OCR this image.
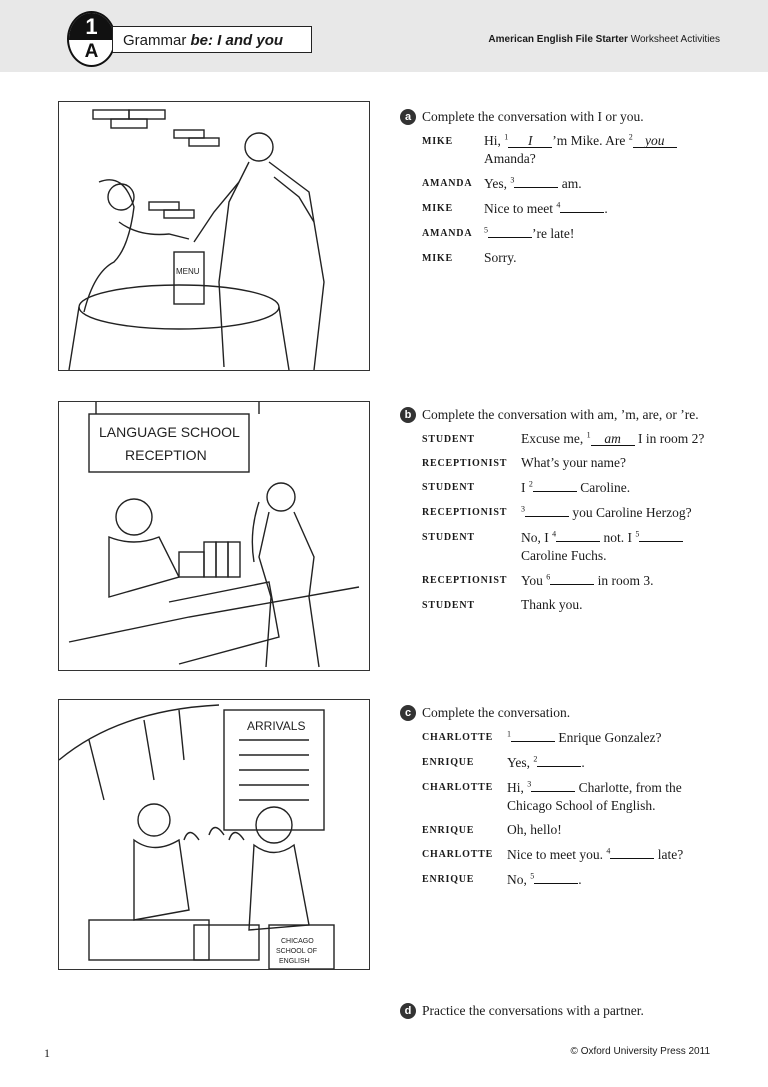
1
A
Grammar be: I and you	American English File Starter Worksheet Activities
MENU
LANGUAGE SCHOOL
RECEPTION
ARRIVALS
CHICAGO
SCHOOL OF
ENGLISH
a Complete the conversation with I or you.
MIKE Hi, $^1$ I ’m Mike. Are $^2$ you Amanda?
AMANDA Yes, $^3$	am.
MIKE Nice to meet $^4$	.
AMANDA $^5$	’re late!
MIKE Sorry.
b Complete the conversation with am, ’m, are, or ’re.
STUDENT	Excuse me, $^1$ am I in room 2?
RECEPTIONIST What’s your name?
STUDENT	I $^2$	Caroline.
RECEPTIONIST $^3$	you Caroline Herzog?
STUDENT	No, I $^4$	not. I $^5$ Caroline Fuchs.
RECEPTIONIST You $^6$	in room 3.
STUDENT	Thank you.
c Complete the conversation.
CHARLOTTE $^1$	Enrique Gonzalez?
ENRIQUE Yes, $^2$	.
CHARLOTTE Hi, $^3$	Charlotte, from the Chicago School of English.
ENRIQUE Oh, hello!
CHARLOTTE Nice to meet you. $^4$	late?
ENRIQUE No, $^5$	.
d Practice the conversations with a partner.
1	© Oxford University Press 2011
